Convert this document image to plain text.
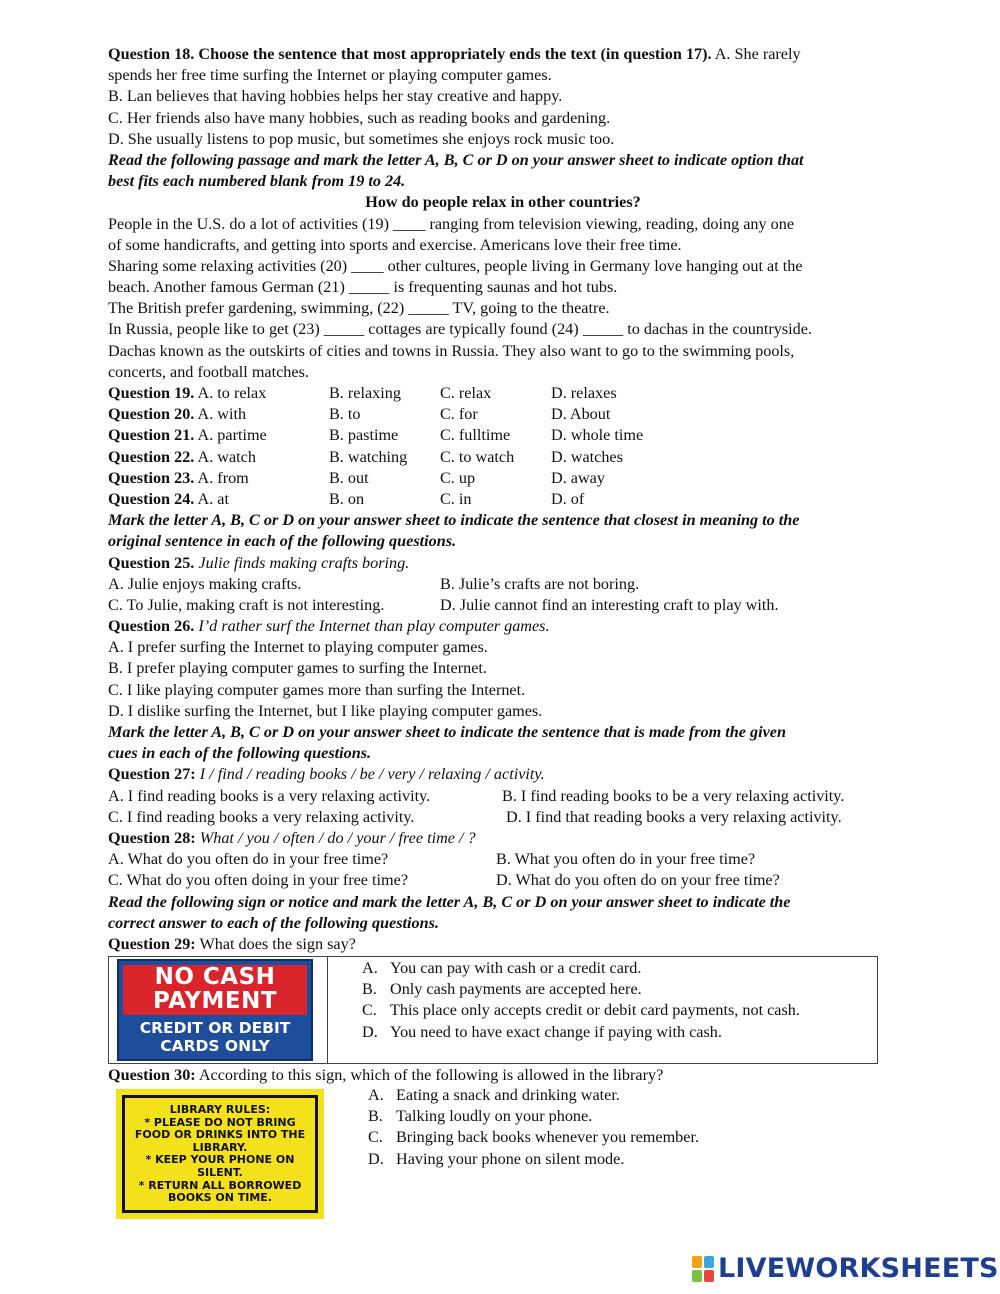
Question 18. Choose the sentence that most appropriately ends the text (in question 17). A. She rarely
spends her free time surfing the Internet or playing computer games.
B. Lan believes that having hobbies helps her stay creative and happy.
C. Her friends also have many hobbies, such as reading books and gardening.
D. She usually listens to pop music, but sometimes she enjoys rock music too.
Read the following passage and mark the letter A, B, C or D on your answer sheet to indicate option that
best fits each numbered blank from 19 to 24.
How do people relax in other countries?
People in the U.S. do a lot of activities (19) ____ ranging from television viewing, reading, doing any one
of some handicrafts, and getting into sports and exercise. Americans love their free time.
Sharing some relaxing activities (20) ____ other cultures, people living in Germany love hanging out at the
beach. Another famous German (21) _____ is frequenting saunas and hot tubs.
The British prefer gardening, swimming, (22) _____ TV, going to the theatre.
In Russia, people like to get (23) _____ cottages are typically found (24) _____ to dachas in the countryside.
Dachas known as the outskirts of cities and towns in Russia. They also want to go to the swimming pools,
concerts, and football matches.
Question 19. A. to relax	B. relaxing	C. relax	D. relaxes
Question 20. A. with	B. to	C. for	D. About
Question 21. A. partime	B. pastime	C. fulltime	D. whole time
Question 22. A. watch	B. watching	C. to watch	D. watches
Question 23. A. from	B. out	C. up	D. away
Question 24. A. at	B. on	C. in	D. of
Mark the letter A, B, C or D on your answer sheet to indicate the sentence that closest in meaning to the
original sentence in each of the following questions.
Question 25. Julie finds making crafts boring.
A. Julie enjoys making crafts.	B. Julie’s crafts are not boring.
C. To Julie, making craft is not interesting.	D. Julie cannot find an interesting craft to play with.
Question 26. I’d rather surf the Internet than play computer games.
A. I prefer surfing the Internet to playing computer games.
B. I prefer playing computer games to surfing the Internet.
C. I like playing computer games more than surfing the Internet.
D. I dislike surfing the Internet, but I like playing computer games.
Mark the letter A, B, C or D on your answer sheet to indicate the sentence that is made from the given
cues in each of the following questions.
Question 27: I / find / reading books / be / very / relaxing / activity.
A. I find reading books is a very relaxing activity.	B. I find reading books to be a very relaxing activity.
C. I find reading books a very relaxing activity.	D. I find that reading books a very relaxing activity.
Question 28: What / you / often / do / your / free time / ?
A. What do you often do in your free time?	B. What you often do in your free time?
C. What do you often doing in your free time?	D. What do you often do on your free time?
Read the following sign or notice and mark the letter A, B, C or D on your answer sheet to indicate the
correct answer to each of the following questions.
Question 29: What does the sign say?
NO CASH
PAYMENT
CREDIT OR DEBIT
CARDS ONLY
A. You can pay with cash or a credit card.
B. Only cash payments are accepted here.
C. This place only accepts credit or debit card payments, not cash.
D. You need to have exact change if paying with cash.
Question 30: According to this sign, which of the following is allowed in the library?
LIBRARY RULES:
* PLEASE DO NOT BRING
FOOD OR DRINKS INTO THE
LIBRARY.
* KEEP YOUR PHONE ON
SILENT.
* RETURN ALL BORROWED
BOOKS ON TIME.
A. Eating a snack and drinking water.
B. Talking loudly on your phone.
C. Bringing back books whenever you remember.
D. Having your phone on silent mode.
LIVEWORKSHEETS
